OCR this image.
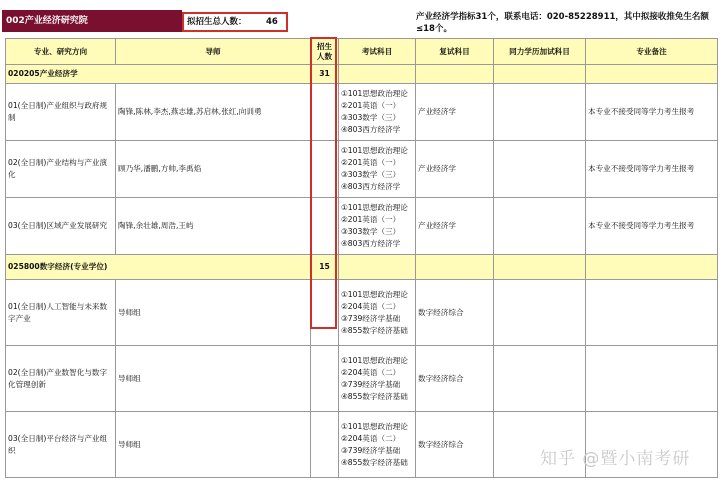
002产业经济研究院	拟招生总人数： 46	产业经济学指标31个，联系电话：020-85228911，其中拟接收推免生名额≤18个。
专业、研究方向	导师	招生人数	考试科目	复试科目	同力学历加试科目	专业备注
020205产业经济学		31				
01(全日制)产业组织与政府规制	陶锋,陈林,李杰,燕志雄,苏启林,张红,向训勇		①101思想政治理论
②201英语（一）
③303数学（三）
④803西方经济学	产业经济学		本专业不接受同等学力考生报考
02(全日制)产业结构与产业演化	顾乃华,潘鹏,方帅,李禹焰		①101思想政治理论
②201英语（一）
③303数学（三）
④803西方经济学	产业经济学		本专业不接受同等学力考生报考
03(全日制)区域产业发展研究	陶锋,余壮雄,周浩,王屿		①101思想政治理论
②201英语（一）
③303数学（三）
④803西方经济学	产业经济学		本专业不接受同等学力考生报考
025800数字经济(专业学位)		15				
01(全日制)人工智能与未来数字产业	导师组		①101思想政治理论
②204英语（二）
③739经济学基础
④855数字经济基础	数字经济综合		
02(全日制)产业数智化与数字化管理创新	导师组		①101思想政治理论
②204英语（二）
③739经济学基础
④855数字经济基础	数字经济综合		
03(全日制)平台经济与产业组织	导师组		①101思想政治理论
②204英语（二）
③739经济学基础
④855数字经济基础	数字经济综合		
知乎 @暨小南考研
